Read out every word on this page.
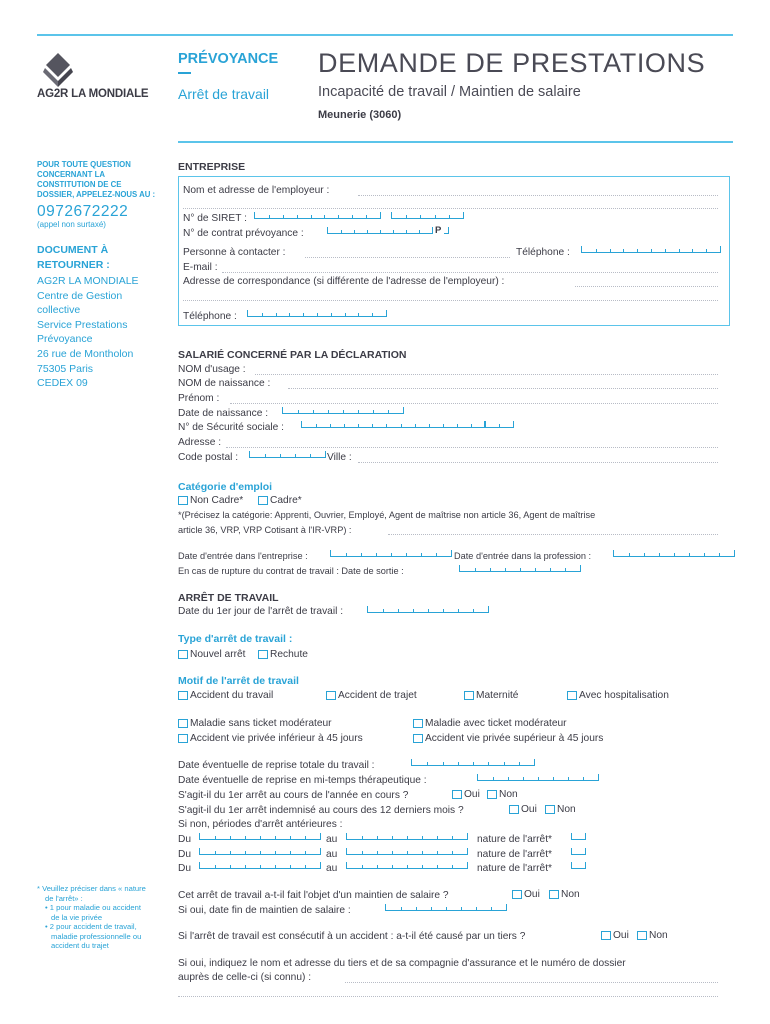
AG2R LA MONDIALE
PRÉVOYANCE
Arrêt de travail
DEMANDE DE PRESTATIONS
Incapacité de travail / Maintien de salaire
Meunerie (3060)
POUR TOUTE QUESTION
CONCERNANT LA
CONSTITUTION DE CE
DOSSIER, APPELEZ-NOUS AU :
0972672222
(appel non surtaxé)
DOCUMENT À
RETOURNER :
AG2R LA MONDIALE
Centre de Gestion
collective
Service Prestations
Prévoyance
26 rue de Montholon
75305 Paris
CEDEX 09
* Veuillez préciser dans « nature
de l'arrêt» :
• 1 pour maladie ou accident
de la vie privée
• 2 pour accident de travail,
maladie professionnelle ou
accident du trajet
ENTREPRISE
Nom et adresse de l'employeur :
N° de SIRET :
N° de contrat prévoyance :	P
Personne à contacter :	Téléphone :
E-mail :
Adresse de correspondance (si différente de l'adresse de l'employeur) :
Téléphone :
SALARIÉ CONCERNÉ PAR LA DÉCLARATION
NOM d'usage :
NOM de naissance :
Prénom :
Date de naissance :
N° de Sécurité sociale :
Adresse :
Code postal :	Ville :
Catégorie d'emploi
Non Cadre*	Cadre*
*(Précisez la catégorie: Apprenti, Ouvrier, Employé, Agent de maîtrise non article 36, Agent de maîtrise
article 36, VRP, VRP Cotisant à l'IR-VRP) :
Date d'entrée dans l'entreprise :	Date d'entrée dans la profession :
En cas de rupture du contrat de travail : Date de sortie :
ARRÊT DE TRAVAIL
Date du 1er jour de l'arrêt de travail :
Type d'arrêt de travail :
Nouvel arrêt Rechute
Motif de l'arrêt de travail
Accident du travail	Accident de trajet	Maternité	Avec hospitalisation
Maladie sans ticket modérateur	Maladie avec ticket modérateur
Accident vie privée inférieur à 45 jours	Accident vie privée supérieur à 45 jours
Date éventuelle de reprise totale du travail :
Date éventuelle de reprise en mi-temps thérapeutique :
S'agit-il du 1er arrêt au cours de l'année en cours ?	Oui Non
S'agit-il du 1er arrêt indemnisé au cours des 12 derniers mois ?	Oui Non
Si non, périodes d'arrêt antérieures :
Du	au	nature de l'arrêt*
Du	au	nature de l'arrêt*
Du	au	nature de l'arrêt*
Cet arrêt de travail a-t-il fait l'objet d'un maintien de salaire ?	Oui Non
Si oui, date fin de maintien de salaire :
Si l'arrêt de travail est consécutif à un accident : a-t-il été causé par un tiers ?	Oui Non
Si oui, indiquez le nom et adresse du tiers et de sa compagnie d'assurance et le numéro de dossier
auprès de celle-ci (si connu) :
